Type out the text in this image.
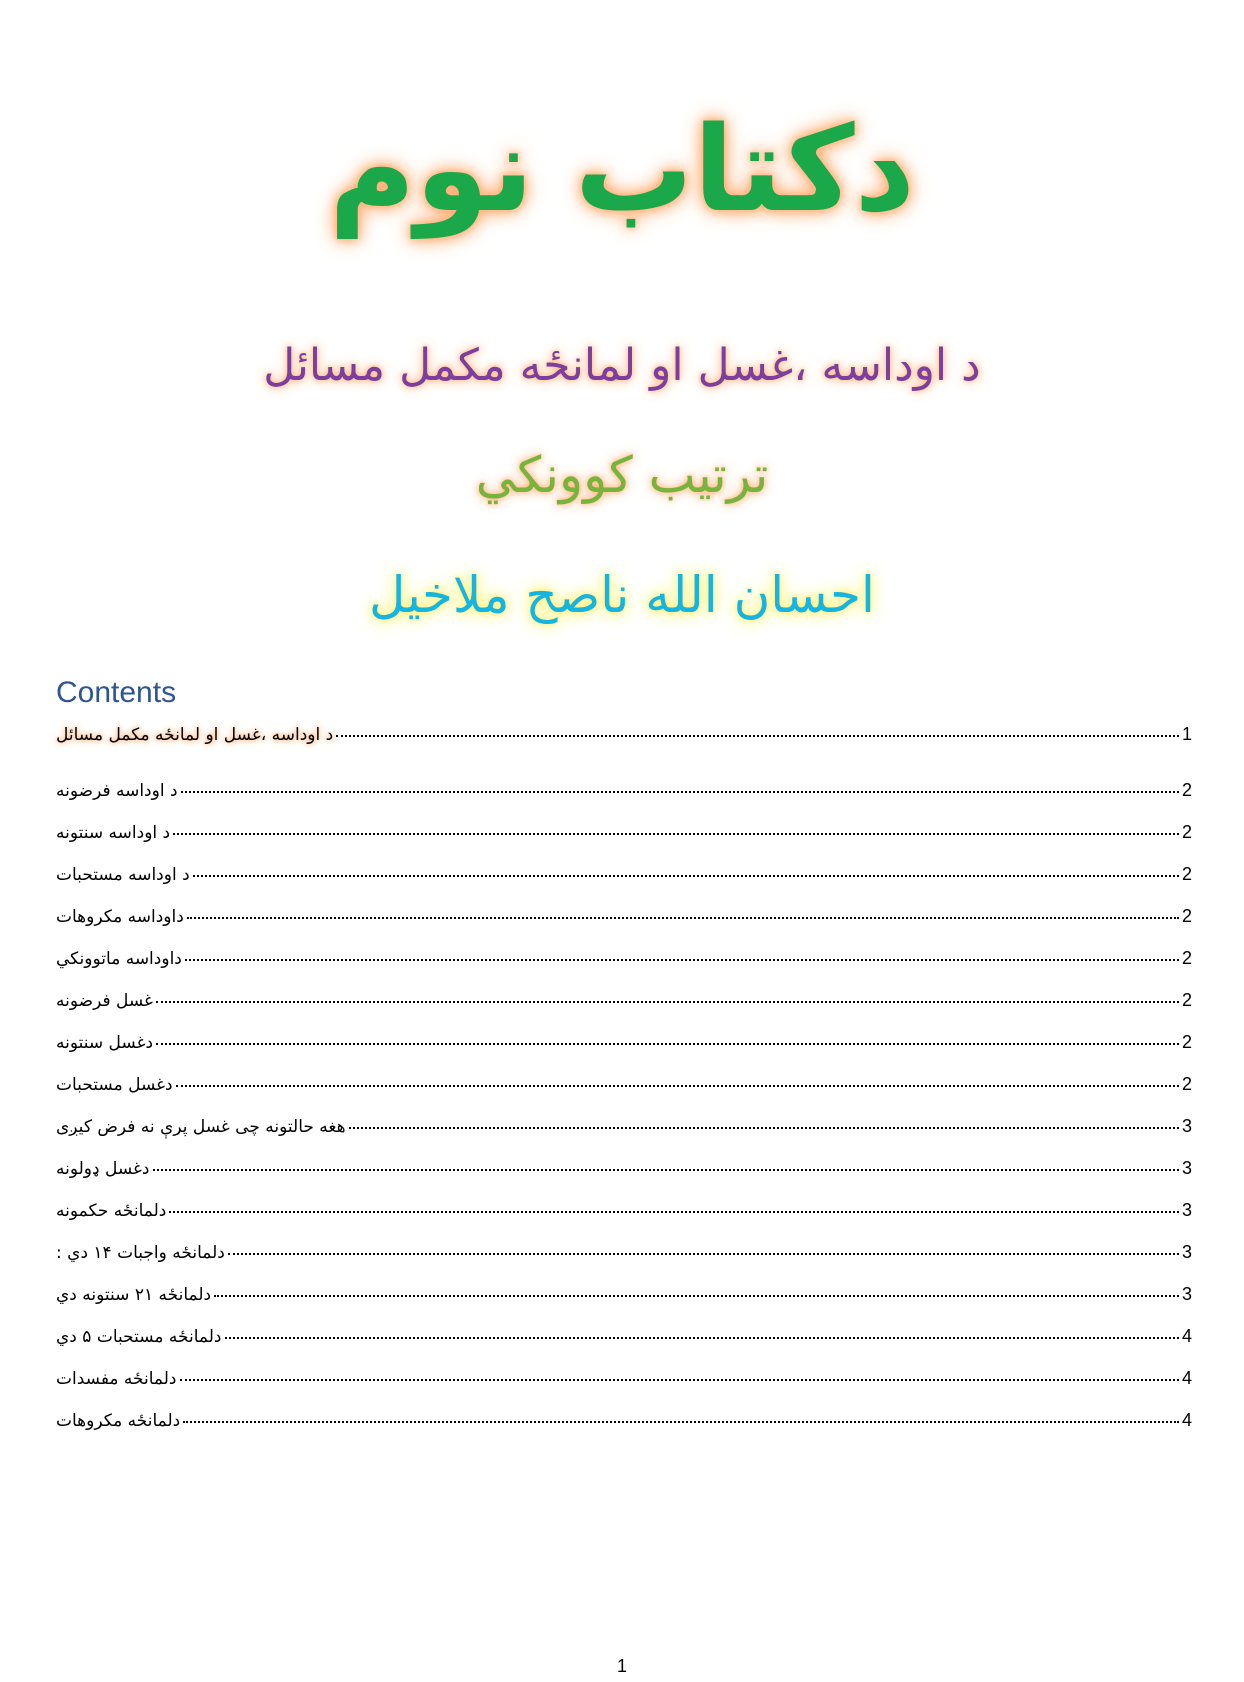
دکتاب نوم
د اوداسه ،غسل او لمانځه مکمل مسائل
ترتیب کوونکي
احسان الله ناصح ملاخیل
Contents
د اوداسه ،غسل او لمانځه مکمل مسائل	1
د اوداسه فرضونه	2
د اوداسه سنتونه	2
د اوداسه مستحبات	2
داوداسه مکروهات	2
داوداسه ماتوونکي	2
غسل فرضونه	2
دغسل سنتونه	2
دغسل مستحبات	2
هغه حالتونه چی غسل پرې نه فرض کیږی	3
دغسل ډولونه	3
دلمانځه حکمونه	3
دلمانځه واجبات ۱۴ دي :	3
دلمانځه ۲۱ سنتونه دي	3
دلمانځه مستحبات ۵ دي	4
دلمانځه مفسدات	4
دلمانځه مکروهات	4
1
